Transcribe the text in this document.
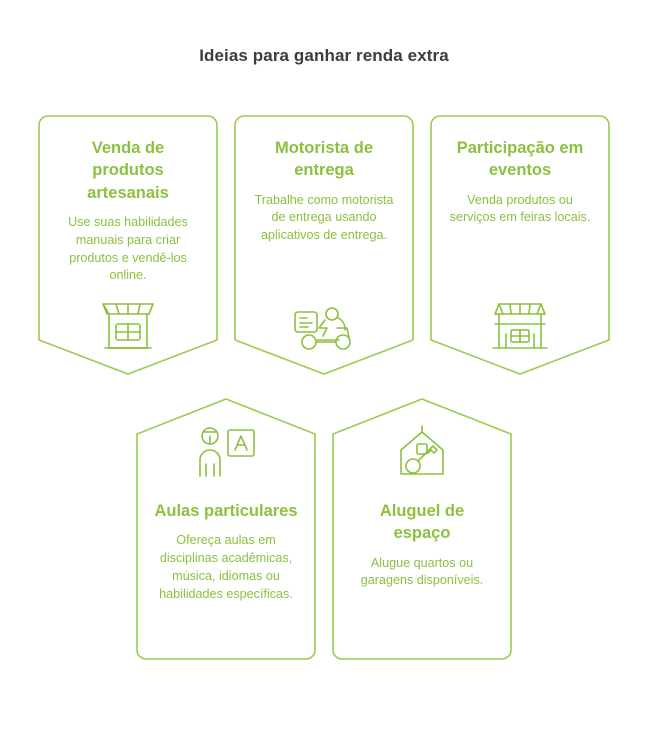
Ideias para ganhar renda extra
Venda de produtos artesanais
Use suas habilidades manuais para criar produtos e vendê-los online.
Motorista de entrega
Trabalhe como motorista de entrega usando aplicativos de entrega.
Participação em eventos
Venda produtos ou serviços em feiras locais.
Aulas particulares
Ofereça aulas em disciplinas acadêmicas, música, idiomas ou habilidades específicas.
Aluguel de espaço
Alugue quartos ou garagens disponíveis.
